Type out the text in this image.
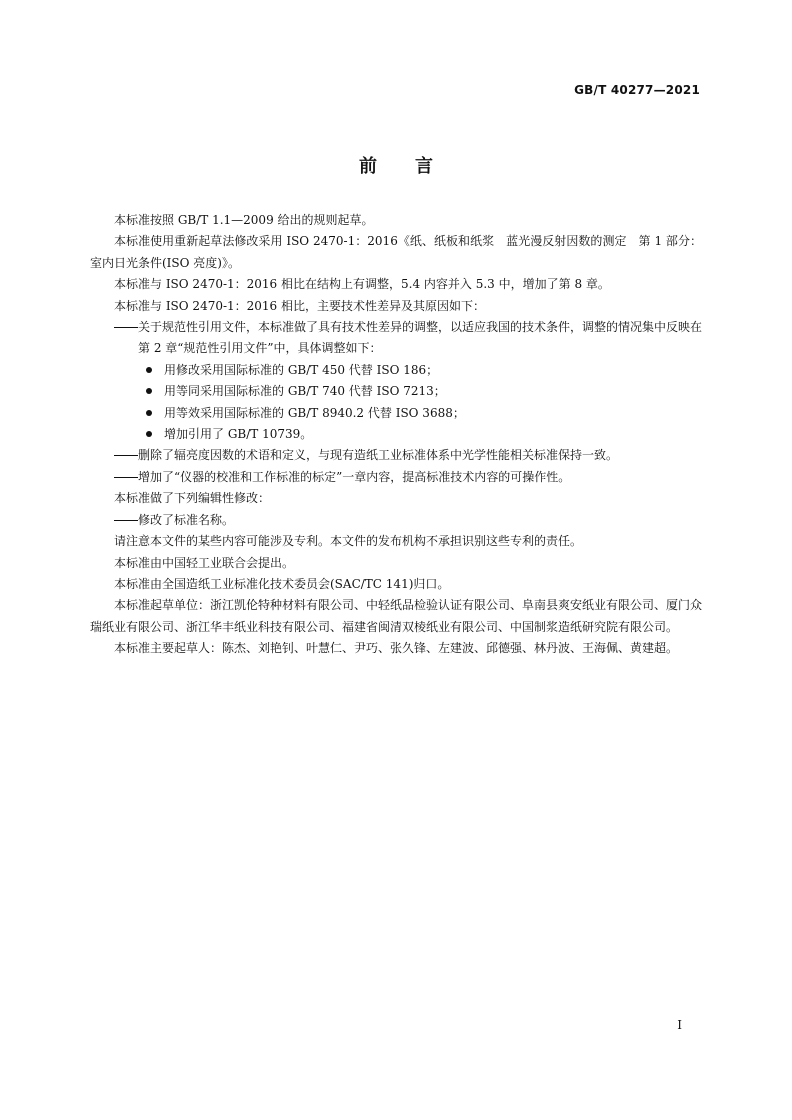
GB/T 40277—2021
前言

本标准按照 GB/T 1.1—2009 给出的规则起草。

本标准使用重新起草法修改采用 ISO 2470-1：2016《纸、纸板和纸浆　蓝光漫反射因数的测定　第 1 部分：室内日光条件(ISO 亮度)》。

本标准与 ISO 2470-1：2016 相比在结构上有调整，5.4 内容并入 5.3 中，增加了第 8 章。

本标准与 ISO 2470-1：2016 相比，主要技术性差异及其原因如下：

关于规范性引用文件，本标准做了具有技术性差异的调整，以适应我国的技术条件，调整的情况集中反映在第 2 章“规范性引用文件”中，具体调整如下：

用修改采用国际标准的 GB/T 450 代替 ISO 186；

用等同采用国际标准的 GB/T 740 代替 ISO 7213；

用等效采用国际标准的 GB/T 8940.2 代替 ISO 3688；

增加引用了 GB/T 10739。

删除了辐亮度因数的术语和定义，与现有造纸工业标准体系中光学性能相关标准保持一致。

增加了“仪器的校准和工作标准的标定”一章内容，提高标准技术内容的可操作性。

本标准做了下列编辑性修改：

修改了标准名称。

请注意本文件的某些内容可能涉及专利。本文件的发布机构不承担识别这些专利的责任。

本标准由中国轻工业联合会提出。

本标准由全国造纸工业标准化技术委员会(SAC/TC 141)归口。

本标准起草单位：浙江凯伦特种材料有限公司、中轻纸品检验认证有限公司、阜南县爽安纸业有限公司、厦门众瑞纸业有限公司、浙江华丰纸业科技有限公司、福建省闽清双棱纸业有限公司、中国制浆造纸研究院有限公司。

本标准主要起草人：陈杰、刘艳钊、叶慧仁、尹巧、张久锋、左建波、邱德强、林丹波、王海佩、黄建超。

I
